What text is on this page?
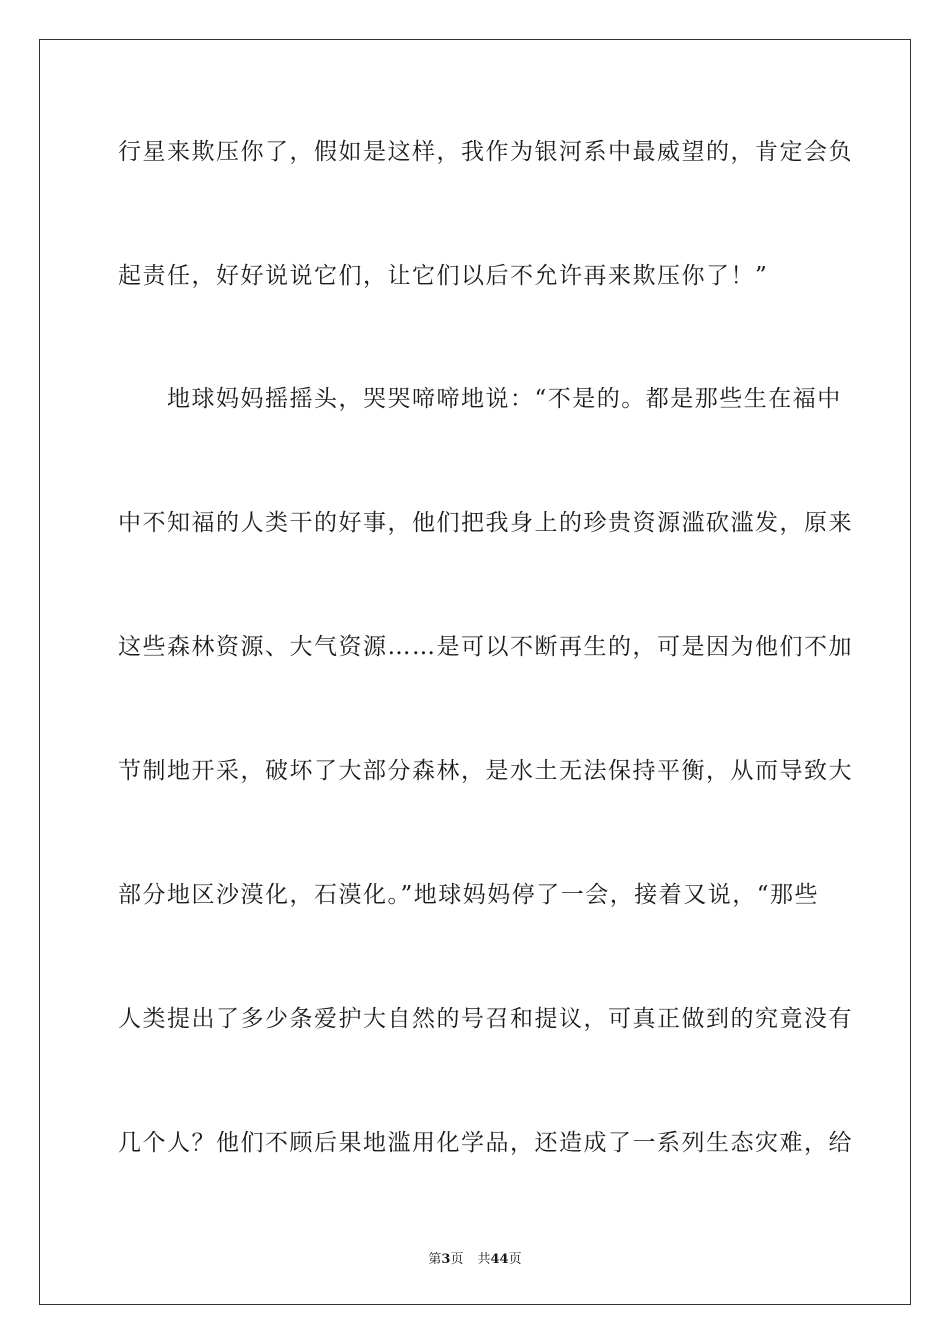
行星来欺压你了，假如是这样，我作为银河系中最威望的，肯定会负

起责任，好好说说它们，让它们以后不允许再来欺压你了！”

　　地球妈妈摇摇头，哭哭啼啼地说：“不是的。都是那些生在福中

中不知福的人类干的好事，他们把我身上的珍贵资源滥砍滥发，原来

这些森林资源、大气资源……是可以不断再生的，可是因为他们不加

节制地开采，破坏了大部分森林，是水土无法保持平衡，从而导致大

部分地区沙漠化，石漠化。”地球妈妈停了一会，接着又说，“那些

人类提出了多少条爱护大自然的号召和提议，可真正做到的究竟没有

几个人？他们不顾后果地滥用化学品，还造成了一系列生态灾难，给

第3页 共44页
